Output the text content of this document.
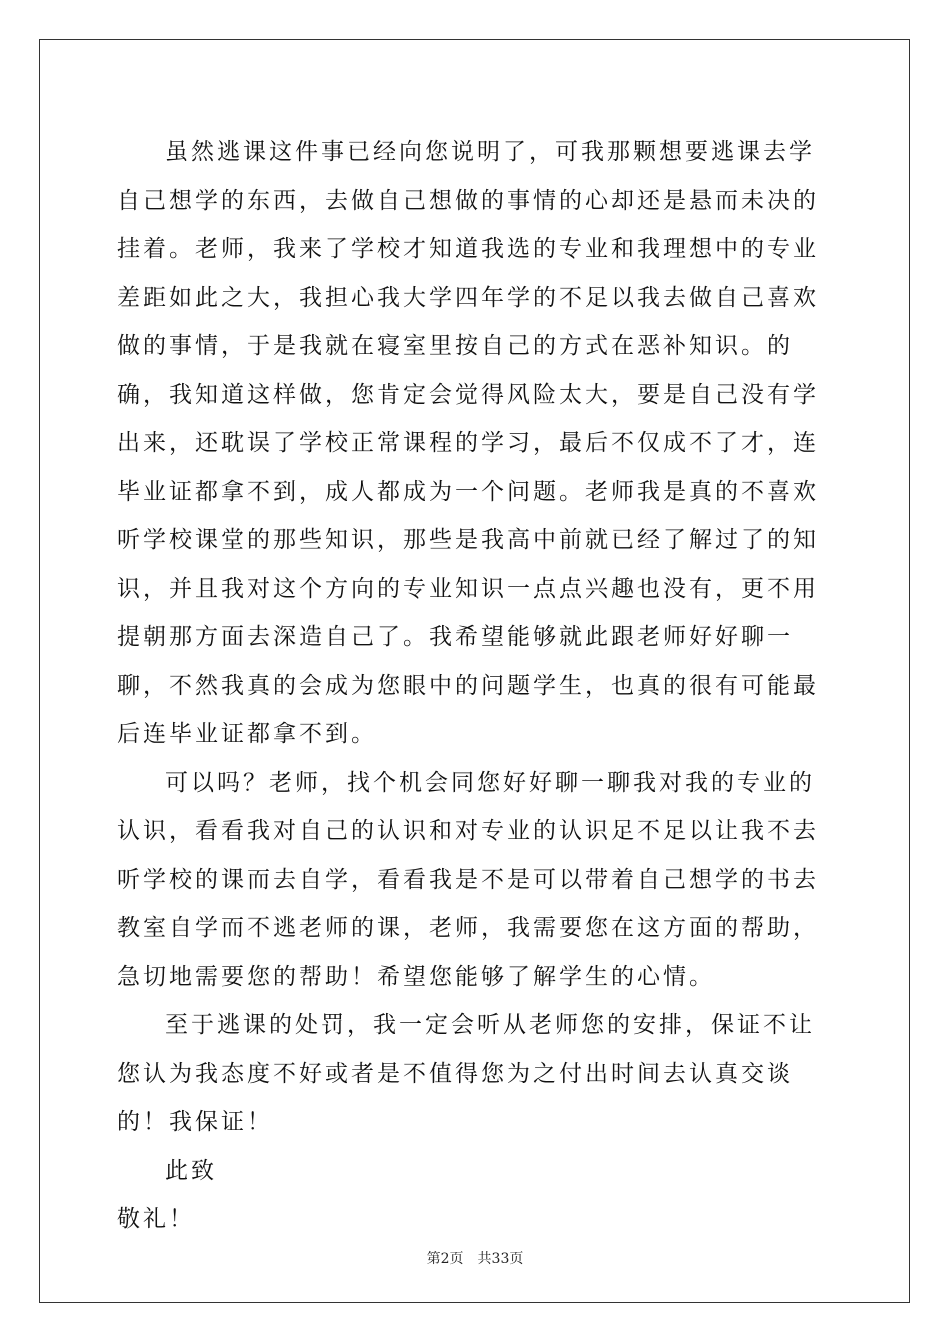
虽然逃课这件事已经向您说明了，可我那颗想要逃课去学自己想学的东西，去做自己想做的事情的心却还是悬而未决的挂着。老师，我来了学校才知道我选的专业和我理想中的专业差距如此之大，我担心我大学四年学的不足以我去做自己喜欢做的事情，于是我就在寝室里按自己的方式在恶补知识。的确，我知道这样做，您肯定会觉得风险太大，要是自己没有学出来，还耽误了学校正常课程的学习，最后不仅成不了才，连毕业证都拿不到，成人都成为一个问题。老师我是真的不喜欢听学校课堂的那些知识，那些是我高中前就已经了解过了的知识，并且我对这个方向的专业知识一点点兴趣也没有，更不用提朝那方面去深造自己了。我希望能够就此跟老师好好聊一聊，不然我真的会成为您眼中的问题学生，也真的很有可能最后连毕业证都拿不到。

可以吗？老师，找个机会同您好好聊一聊我对我的专业的认识，看看我对自己的认识和对专业的认识足不足以让我不去听学校的课而去自学，看看我是不是可以带着自己想学的书去教室自学而不逃老师的课，老师，我需要您在这方面的帮助，急切地需要您的帮助！希望您能够了解学生的心情。

至于逃课的处罚，我一定会听从老师您的安排，保证不让您认为我态度不好或者是不值得您为之付出时间去认真交谈的！我保证！

此致

敬礼！

第2页 共33页
